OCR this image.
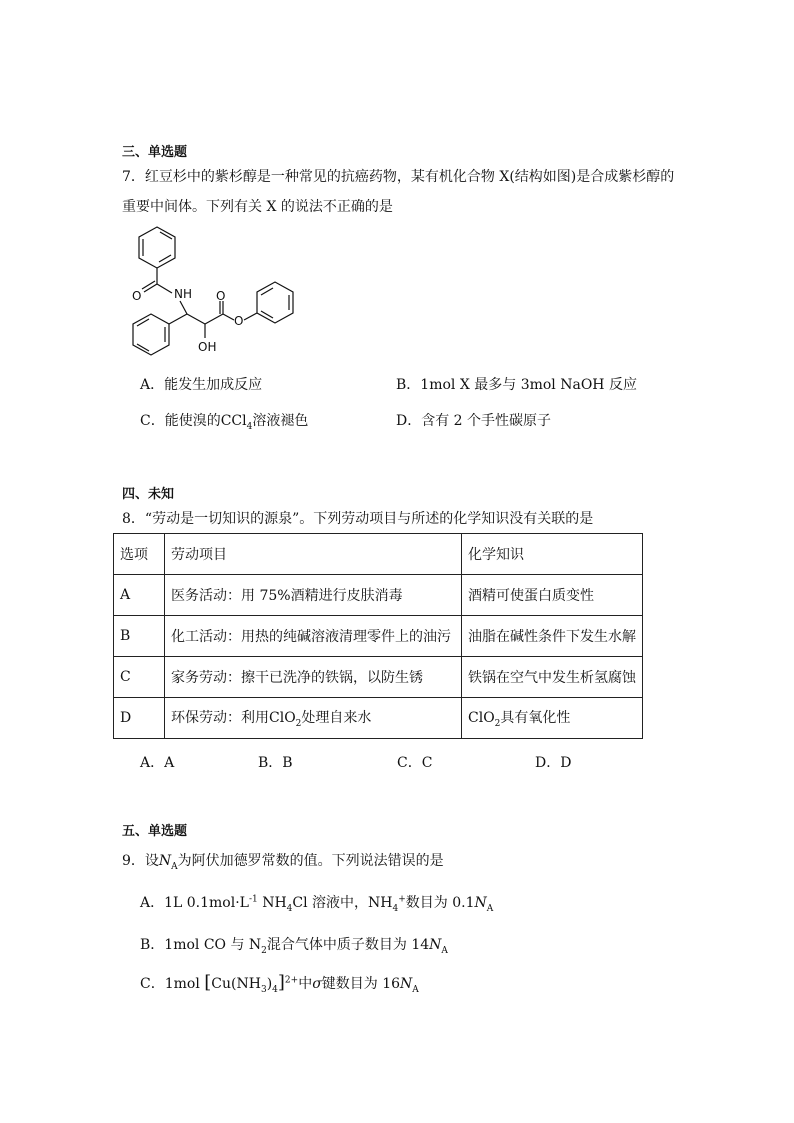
三、单选题
7．红豆杉中的紫杉醇是一种常见的抗癌药物，某有机化合物 X(结构如图)是合成紫杉醇的
重要中间体。下列有关 X 的说法不正确的是
O	NH O
O
OH
A．能发生加成反应	B．1mol X 最多与 3mol NaOH 反应
C．能使溴的CCl$_4$溶液褪色	D．含有 2 个手性碳原子
四、未知
8．“劳动是一切知识的源泉”。下列劳动项目与所述的化学知识没有关联的是
选项	劳动项目	化学知识
A	医务活动：用 75%酒精进行皮肤消毒	酒精可使蛋白质变性
B	化工活动：用热的纯碱溶液清理零件上的油污	油脂在碱性条件下发生水解
C	家务劳动：擦干已洗净的铁锅，以防生锈	铁锅在空气中发生析氢腐蚀
D	环保劳动：利用ClO$_2$处理自来水	ClO$_2$具有氧化性
A．A	B．B	C．C	D．D
五、单选题
9．设$N_A$为阿伏加德罗常数的值。下列说法错误的是
A．1L $0.1mol\cdot L^{-1}$ $NH_4Cl$ 溶液中，$NH_4^+$数目为 $0.1N_A$
B．1mol CO 与 $N_2$混合气体中质子数目为 $14N_A$
C．1mol $[Cu(NH_3)_4]^{2+}$中σ键数目为 $16N_A$
